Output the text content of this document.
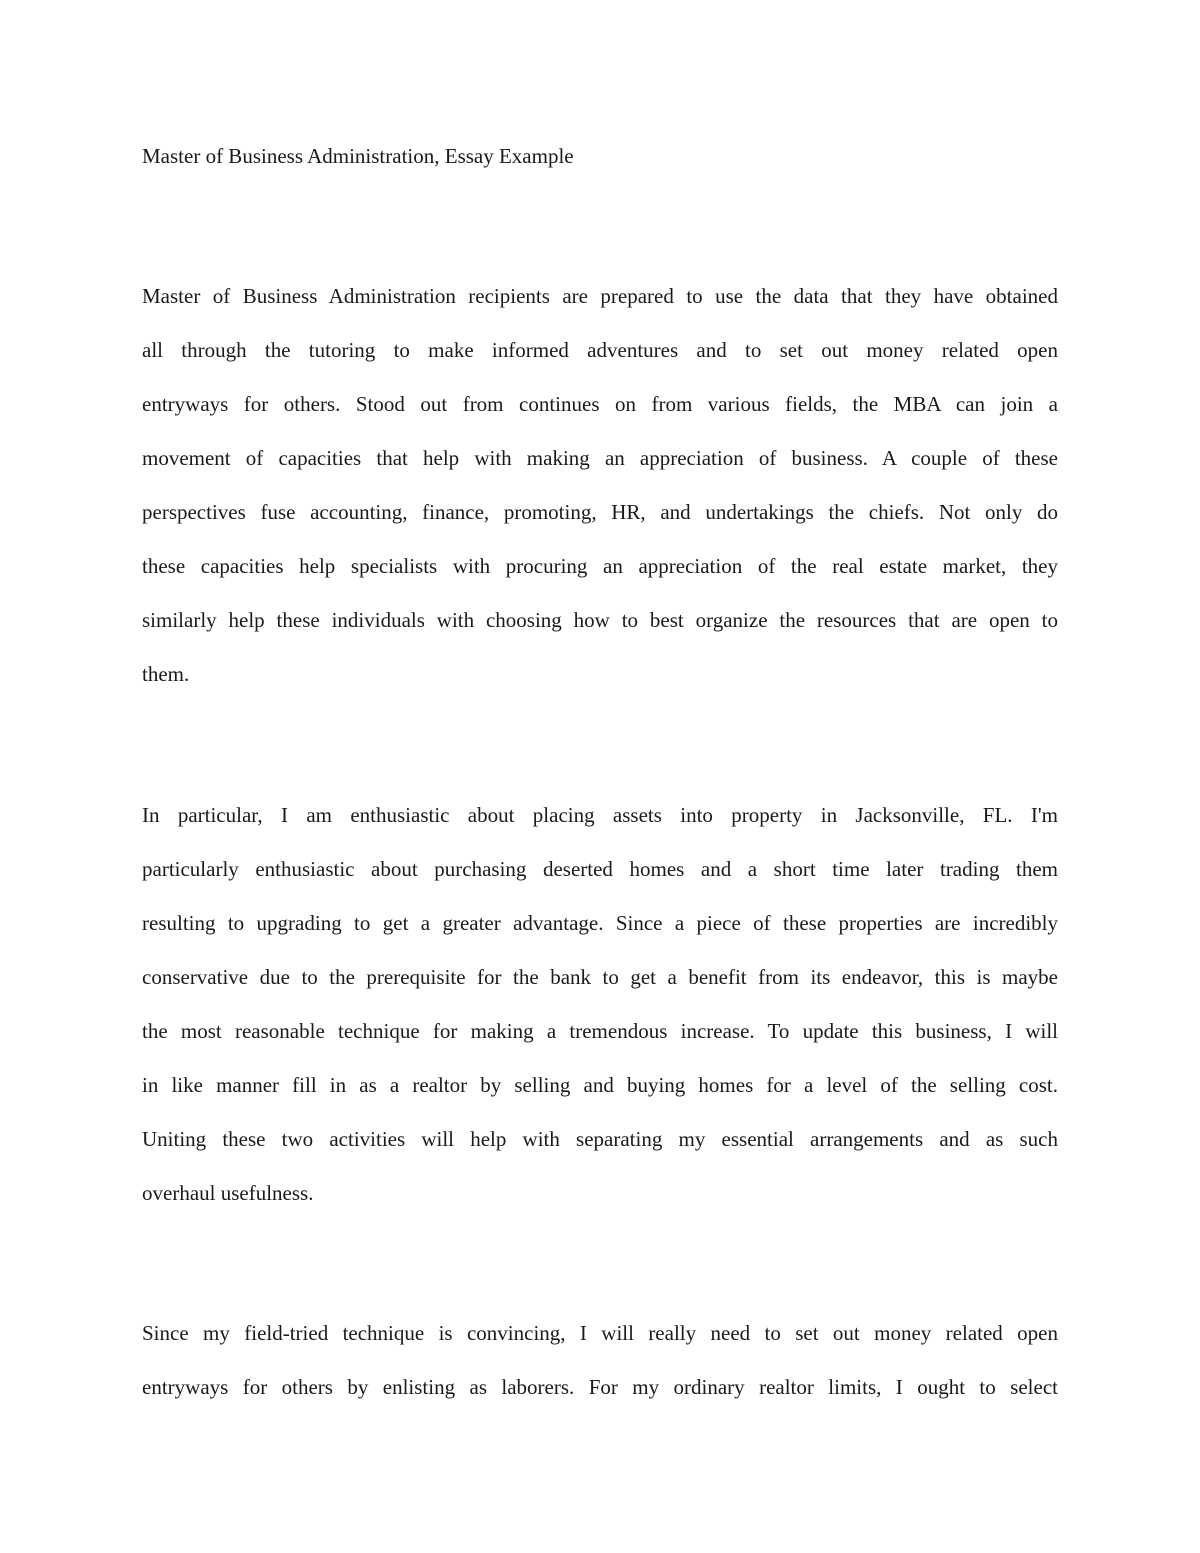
Master of Business Administration, Essay Example
Master of Business Administration recipients are prepared to use the data that they have obtained
all through the tutoring to make informed adventures and to set out money related open
entryways for others. Stood out from continues on from various fields, the MBA can join a
movement of capacities that help with making an appreciation of business. A couple of these
perspectives fuse accounting, finance, promoting, HR, and undertakings the chiefs. Not only do
these capacities help specialists with procuring an appreciation of the real estate market, they
similarly help these individuals with choosing how to best organize the resources that are open to
them.
In particular, I am enthusiastic about placing assets into property in Jacksonville, FL. I'm
particularly enthusiastic about purchasing deserted homes and a short time later trading them
resulting to upgrading to get a greater advantage. Since a piece of these properties are incredibly
conservative due to the prerequisite for the bank to get a benefit from its endeavor, this is maybe
the most reasonable technique for making a tremendous increase. To update this business, I will
in like manner fill in as a realtor by selling and buying homes for a level of the selling cost.
Uniting these two activities will help with separating my essential arrangements and as such
overhaul usefulness.
Since my field-tried technique is convincing, I will really need to set out money related open
entryways for others by enlisting as laborers. For my ordinary realtor limits, I ought to select
